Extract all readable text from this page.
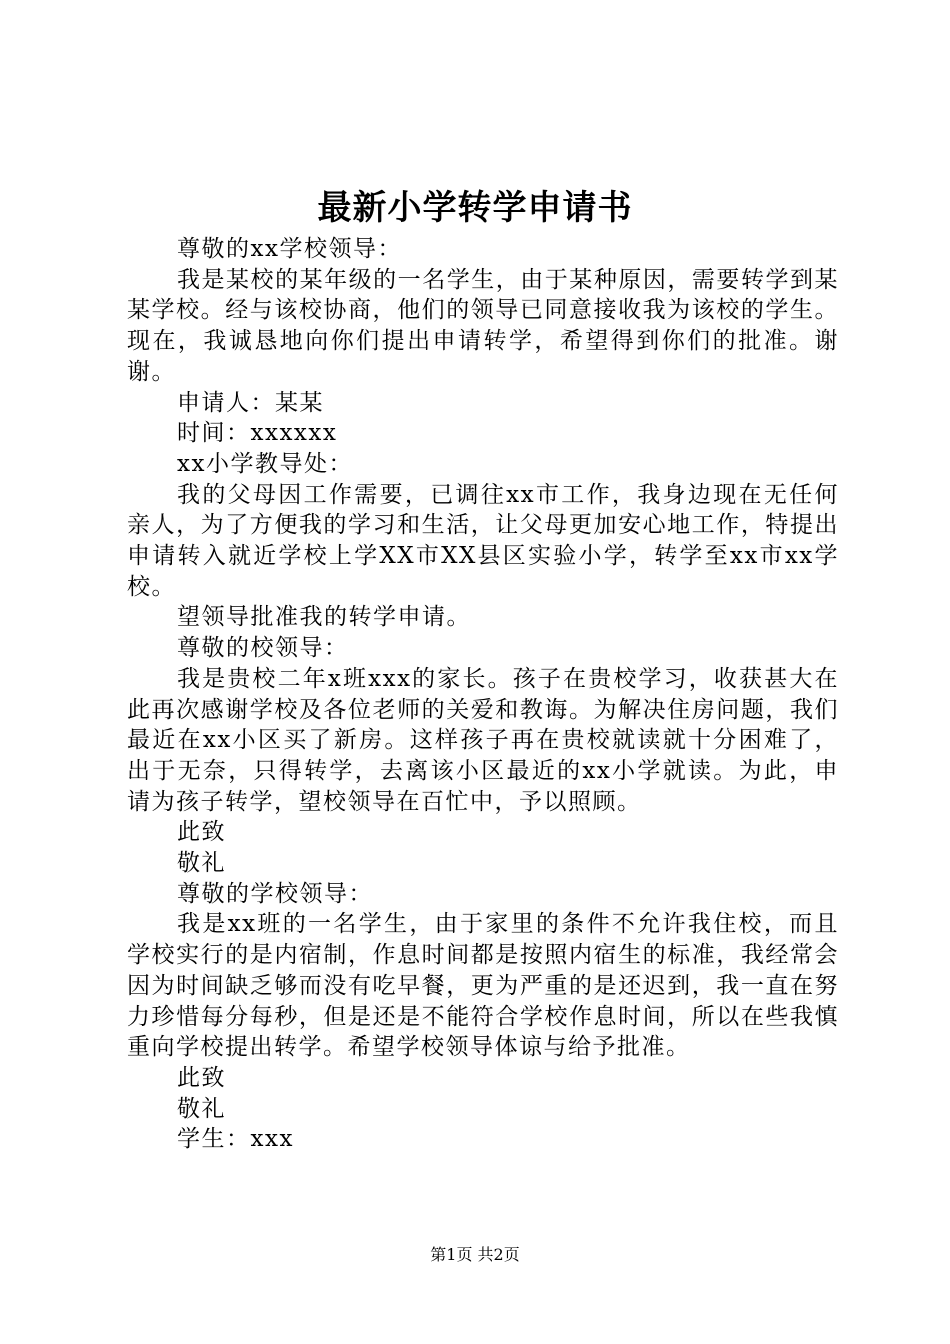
最新小学转学申请书

尊敬的xx学校领导：

我是某校的某年级的一名学生，由于某种原因，需要转学到某某学校。经与该校协商，他们的领导已同意接收我为该校的学生。现在，我诚恳地向你们提出申请转学，希望得到你们的批准。谢谢。

申请人：某某

时间：xxxxxx

xx小学教导处：

我的父母因工作需要，已调往xx市工作，我身边现在无任何亲人，为了方便我的学习和生活，让父母更加安心地工作，特提出申请转入就近学校上学XX市XX县区实验小学，转学至xx市xx学校。

望领导批准我的转学申请。

尊敬的校领导：

我是贵校二年x班xxx的家长。孩子在贵校学习，收获甚大在此再次感谢学校及各位老师的关爱和教诲。为解决住房问题，我们最近在xx小区买了新房。这样孩子再在贵校就读就十分困难了，出于无奈，只得转学，去离该小区最近的xx小学就读。为此，申请为孩子转学，望校领导在百忙中，予以照顾。

此致

敬礼

尊敬的学校领导：

我是xx班的一名学生，由于家里的条件不允许我住校，而且学校实行的是内宿制，作息时间都是按照内宿生的标准，我经常会因为时间缺乏够而没有吃早餐，更为严重的是还迟到，我一直在努力珍惜每分每秒，但是还是不能符合学校作息时间，所以在些我慎重向学校提出转学。希望学校领导体谅与给予批准。

此致

敬礼

学生：xxx

第1页 共2页
